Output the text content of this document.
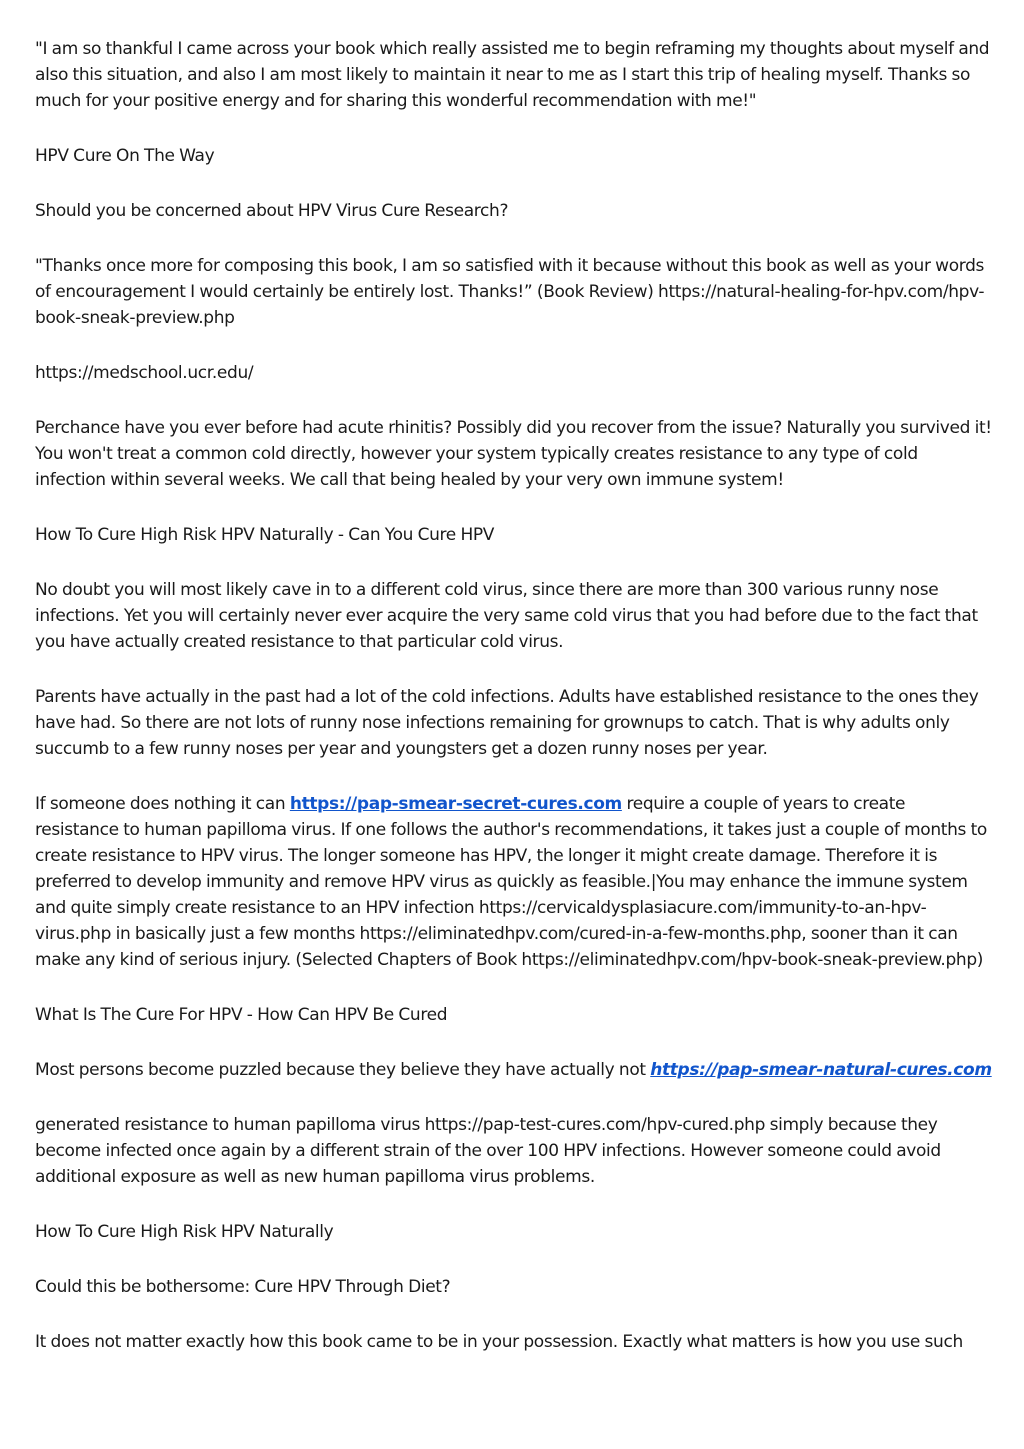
"I am so thankful I came across your book which really assisted me to begin reframing my thoughts about myself and also this situation, and also I am most likely to maintain it near to me as I start this trip of healing myself. Thanks so much for your positive energy and for sharing this wonderful recommendation with me!"

HPV Cure On The Way

Should you be concerned about HPV Virus Cure Research?

"Thanks once more for composing this book, I am so satisfied with it because without this book as well as your words of encouragement I would certainly be entirely lost. Thanks!” (Book Review) https://natural-healing-for-hpv.com/hpv-book-sneak-preview.php

https://medschool.ucr.edu/

Perchance have you ever before had acute rhinitis? Possibly did you recover from the issue? Naturally you survived it! You won't treat a common cold directly, however your system typically creates resistance to any type of cold infection within several weeks. We call that being healed by your very own immune system!

How To Cure High Risk HPV Naturally - Can You Cure HPV

No doubt you will most likely cave in to a different cold virus, since there are more than 300 various runny nose infections. Yet you will certainly never ever acquire the very same cold virus that you had before due to the fact that you have actually created resistance to that particular cold virus.

Parents have actually in the past had a lot of the cold infections. Adults have established resistance to the ones they have had. So there are not lots of runny nose infections remaining for grownups to catch. That is why adults only succumb to a few runny noses per year and youngsters get a dozen runny noses per year.

If someone does nothing it can https://pap-smear-secret-cures.com require a couple of years to create resistance to human papilloma virus. If one follows the author's recommendations, it takes just a couple of months to create resistance to HPV virus. The longer someone has HPV, the longer it might create damage. Therefore it is preferred to develop immunity and remove HPV virus as quickly as feasible.|You may enhance the immune system and quite simply create resistance to an HPV infection https://cervicaldysplasiacure.com/immunity-to-an-hpv-virus.php in basically just a few months https://eliminatedhpv.com/cured-in-a-few-months.php, sooner than it can make any kind of serious injury. (Selected Chapters of Book https://eliminatedhpv.com/hpv-book-sneak-preview.php)

What Is The Cure For HPV - How Can HPV Be Cured

Most persons become puzzled because they believe they have actually not https://pap-smear-natural-cures.com

generated resistance to human papilloma virus https://pap-test-cures.com/hpv-cured.php simply because they become infected once again by a different strain of the over 100 HPV infections. However someone could avoid additional exposure as well as new human papilloma virus problems.

How To Cure High Risk HPV Naturally

Could this be bothersome: Cure HPV Through Diet?

It does not matter exactly how this book came to be in your possession. Exactly what matters is how you use such
